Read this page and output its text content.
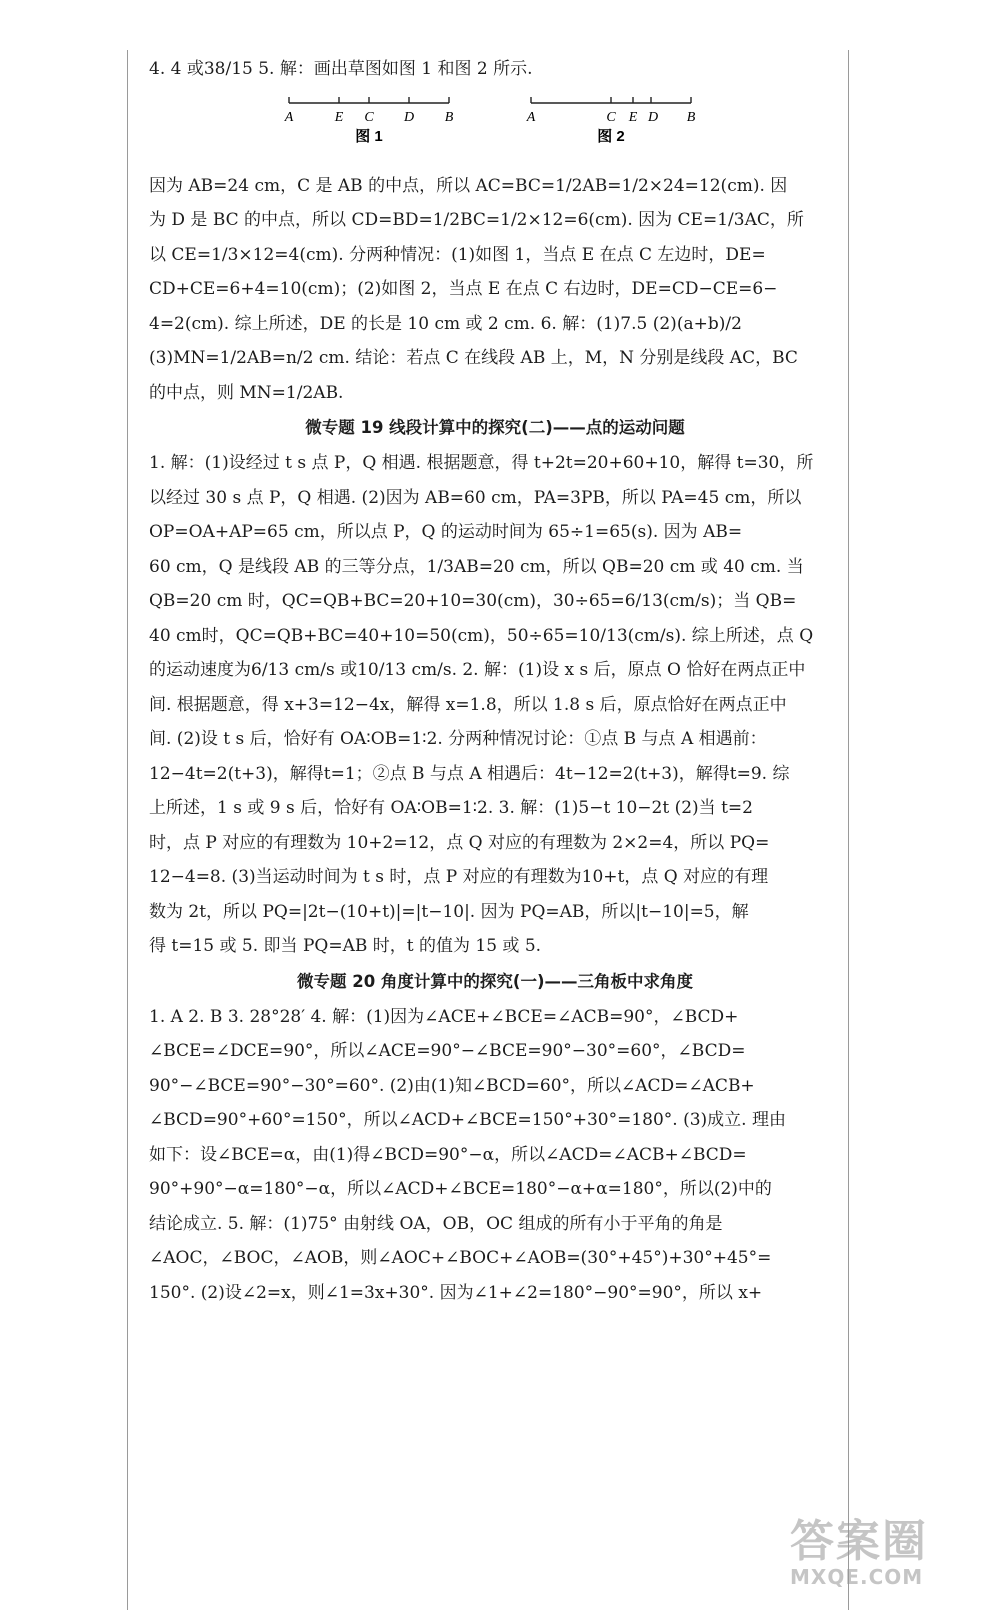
4. 4 或38/15 5. 解：画出草图如图 1 和图 2 所示.

A	E C D B
图 1
A	C E D B
图 2

因为 AB=24 cm，C 是 AB 的中点，所以 AC=BC=1/2AB=1/2×24=12(cm). 因

为 D 是 BC 的中点，所以 CD=BD=1/2BC=1/2×12=6(cm). 因为 CE=1/3AC，所

以 CE=1/3×12=4(cm). 分两种情况：(1)如图 1，当点 E 在点 C 左边时，DE=

CD+CE=6+4=10(cm)；(2)如图 2，当点 E 在点 C 右边时，DE=CD−CE=6−

4=2(cm). 综上所述，DE 的长是 10 cm 或 2 cm. 6. 解：(1)7.5 (2)(a+b)/2

(3)MN=1/2AB=n/2 cm. 结论：若点 C 在线段 AB 上，M，N 分别是线段 AC，BC

的中点，则 MN=1/2AB.

微专题 19 线段计算中的探究(二)——点的运动问题

1. 解：(1)设经过 t s 点 P，Q 相遇. 根据题意，得 t+2t=20+60+10，解得 t=30，所

以经过 30 s 点 P，Q 相遇. (2)因为 AB=60 cm，PA=3PB，所以 PA=45 cm，所以

OP=OA+AP=65 cm，所以点 P，Q 的运动时间为 65÷1=65(s). 因为 AB=

60 cm，Q 是线段 AB 的三等分点，1/3AB=20 cm，所以 QB=20 cm 或 40 cm. 当

QB=20 cm 时，QC=QB+BC=20+10=30(cm)，30÷65=6/13(cm/s)；当 QB=

40 cm时，QC=QB+BC=40+10=50(cm)，50÷65=10/13(cm/s). 综上所述，点 Q

的运动速度为6/13 cm/s 或10/13 cm/s. 2. 解：(1)设 x s 后，原点 O 恰好在两点正中

间. 根据题意，得 x+3=12−4x，解得 x=1.8，所以 1.8 s 后，原点恰好在两点正中

间. (2)设 t s 后，恰好有 OA∶OB=1∶2. 分两种情况讨论：①点 B 与点 A 相遇前：

12−4t=2(t+3)，解得t=1；②点 B 与点 A 相遇后：4t−12=2(t+3)，解得t=9. 综

上所述，1 s 或 9 s 后，恰好有 OA∶OB=1∶2. 3. 解：(1)5−t 10−2t (2)当 t=2

时，点 P 对应的有理数为 10+2=12，点 Q 对应的有理数为 2×2=4，所以 PQ=

12−4=8. (3)当运动时间为 t s 时，点 P 对应的有理数为10+t，点 Q 对应的有理

数为 2t，所以 PQ=|2t−(10+t)|=|t−10|. 因为 PQ=AB，所以|t−10|=5，解

得 t=15 或 5. 即当 PQ=AB 时，t 的值为 15 或 5.

微专题 20 角度计算中的探究(一)——三角板中求角度

1. A 2. B 3. 28°28′ 4. 解：(1)因为∠ACE+∠BCE=∠ACB=90°，∠BCD+

∠BCE=∠DCE=90°，所以∠ACE=90°−∠BCE=90°−30°=60°，∠BCD=

90°−∠BCE=90°−30°=60°. (2)由(1)知∠BCD=60°，所以∠ACD=∠ACB+

∠BCD=90°+60°=150°，所以∠ACD+∠BCE=150°+30°=180°. (3)成立. 理由

如下：设∠BCE=α，由(1)得∠BCD=90°−α，所以∠ACD=∠ACB+∠BCD=

90°+90°−α=180°−α，所以∠ACD+∠BCE=180°−α+α=180°，所以(2)中的

结论成立. 5. 解：(1)75° 由射线 OA，OB，OC 组成的所有小于平角的角是

∠AOC，∠BOC，∠AOB，则∠AOC+∠BOC+∠AOB=(30°+45°)+30°+45°=

150°. (2)设∠2=x，则∠1=3x+30°. 因为∠1+∠2=180°−90°=90°，所以 x+

答案圈
MXQE.COM
